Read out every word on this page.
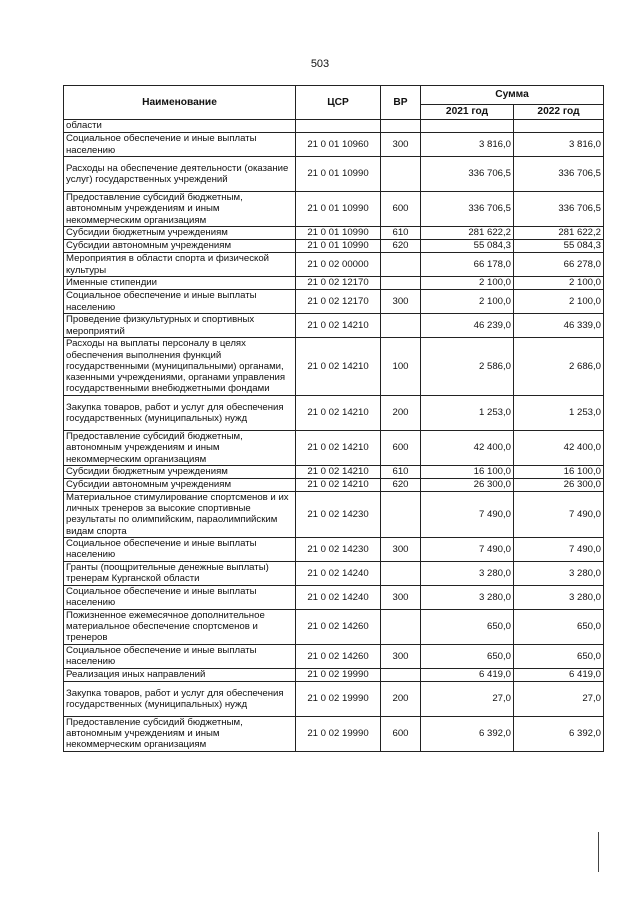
503
Наименование	ЦСР	ВР	Сумма	
			2021 год	2022 год
области				
Социальное обеспечение и иные выплаты населению	21 0 01 10960	300	3 816,0	3 816,0
Расходы на обеспечение деятельности (оказание услуг) государственных учреждений	21 0 01 10990		336 706,5	336 706,5
Предоставление субсидий бюджетным, автономным учреждениям и иным некоммерческим организациям	21 0 01 10990	600	336 706,5	336 706,5
Субсидии бюджетным учреждениям	21 0 01 10990	610	281 622,2	281 622,2
Субсидии автономным учреждениям	21 0 01 10990	620	55 084,3	55 084,3
Мероприятия в области спорта и физической культуры	21 0 02 00000		66 178,0	66 278,0
Именные стипендии	21 0 02 12170		2 100,0	2 100,0
Социальное обеспечение и иные выплаты населению	21 0 02 12170	300	2 100,0	2 100,0
Проведение физкультурных и спортивных мероприятий	21 0 02 14210		46 239,0	46 339,0
Расходы на выплаты персоналу в целях обеспечения выполнения функций государственными (муниципальными) органами, казенными учреждениями, органами управления государственными внебюджетными фондами	21 0 02 14210	100	2 586,0	2 686,0
Закупка товаров, работ и услуг для обеспечения государственных (муниципальных) нужд	21 0 02 14210	200	1 253,0	1 253,0
Предоставление субсидий бюджетным, автономным учреждениям и иным некоммерческим организациям	21 0 02 14210	600	42 400,0	42 400,0
Субсидии бюджетным учреждениям	21 0 02 14210	610	16 100,0	16 100,0
Субсидии автономным учреждениям	21 0 02 14210	620	26 300,0	26 300,0
Материальное стимулирование спортсменов и их личных тренеров за высокие спортивные результаты по олимпийским, параолимпийским видам спорта	21 0 02 14230		7 490,0	7 490,0
Социальное обеспечение и иные выплаты населению	21 0 02 14230	300	7 490,0	7 490,0
Гранты (поощрительные денежные выплаты) тренерам Курганской области	21 0 02 14240		3 280,0	3 280,0
Социальное обеспечение и иные выплаты населению	21 0 02 14240	300	3 280,0	3 280,0
Пожизненное ежемесячное дополнительное материальное обеспечение спортсменов и тренеров	21 0 02 14260		650,0	650,0
Социальное обеспечение и иные выплаты населению	21 0 02 14260	300	650,0	650,0
Реализация иных направлений	21 0 02 19990		6 419,0	6 419,0
Закупка товаров, работ и услуг для обеспечения государственных (муниципальных) нужд	21 0 02 19990	200	27,0	27,0
Предоставление субсидий бюджетным, автономным учреждениям и иным некоммерческим организациям	21 0 02 19990	600	6 392,0	6 392,0
